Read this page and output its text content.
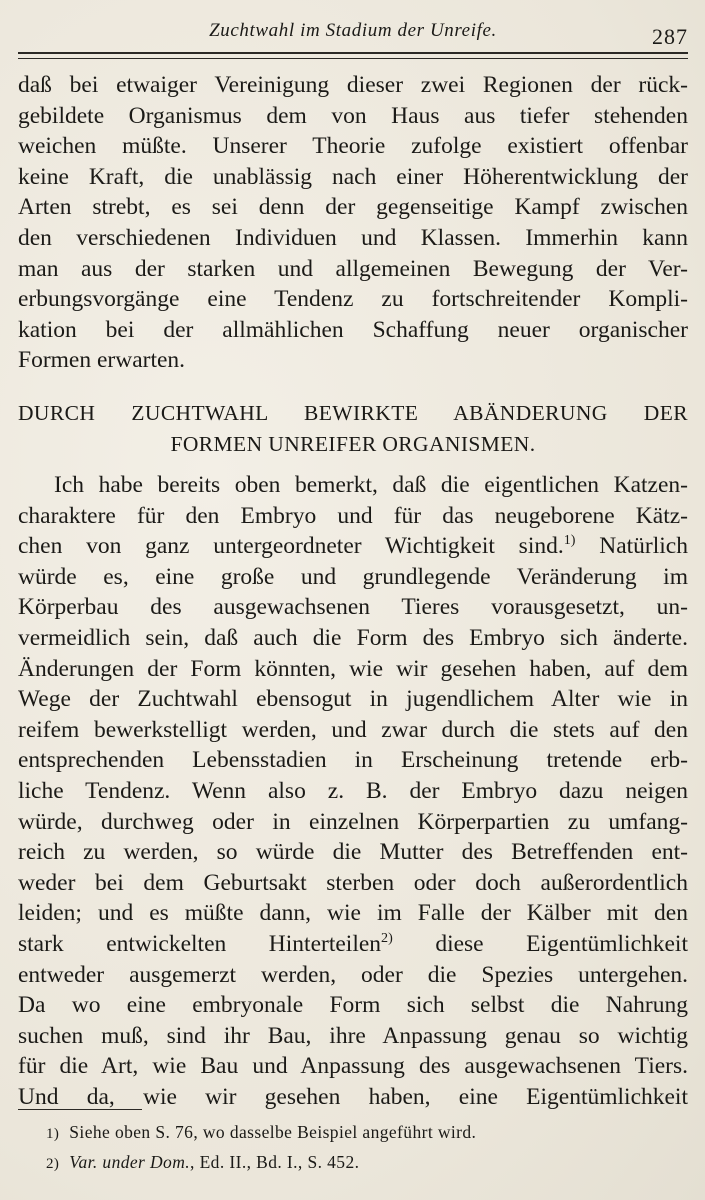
Zuchtwahl im Stadium der Unreife.	287
daß bei etwaiger Vereinigung dieser zwei Regionen der rück-
gebildete Organismus dem von Haus aus tiefer stehenden
weichen müßte. Unserer Theorie zufolge existiert offenbar
keine Kraft, die unablässig nach einer Höherentwicklung der
Arten strebt, es sei denn der gegenseitige Kampf zwischen
den verschiedenen Individuen und Klassen. Immerhin kann
man aus der starken und allgemeinen Bewegung der Ver-
erbungsvorgänge eine Tendenz zu fortschreitender Kompli-
kation bei der allmählichen Schaffung neuer organischer
Formen erwarten.
DURCH ZUCHTWAHL BEWIRKTE ABÄNDERUNG DER
FORMEN UNREIFER ORGANISMEN.
Ich habe bereits oben bemerkt, daß die eigentlichen Katzen-
charaktere für den Embryo und für das neugeborene Kätz-
chen von ganz untergeordneter Wichtigkeit sind.$^{1)}$ Natürlich
würde es, eine große und grundlegende Veränderung im
Körperbau des ausgewachsenen Tieres vorausgesetzt, un-
vermeidlich sein, daß auch die Form des Embryo sich änderte.
Änderungen der Form könnten, wie wir gesehen haben, auf dem
Wege der Zuchtwahl ebensogut in jugendlichem Alter wie in
reifem bewerkstelligt werden, und zwar durch die stets auf den
entsprechenden Lebensstadien in Erscheinung tretende erb-
liche Tendenz. Wenn also z. B. der Embryo dazu neigen
würde, durchweg oder in einzelnen Körperpartien zu umfang-
reich zu werden, so würde die Mutter des Betreffenden ent-
weder bei dem Geburtsakt sterben oder doch außerordentlich
leiden; und es müßte dann, wie im Falle der Kälber mit den
stark entwickelten Hinterteilen$^{2)}$ diese Eigentümlichkeit
entweder ausgemerzt werden, oder die Spezies untergehen.
Da wo eine embryonale Form sich selbst die Nahrung
suchen muß, sind ihr Bau, ihre Anpassung genau so wichtig
für die Art, wie Bau und Anpassung des ausgewachsenen Tiers.
Und da, wie wir gesehen haben, eine Eigentümlichkeit
1) Siehe oben S. 76, wo dasselbe Beispiel angeführt wird.
2) Var. under Dom., Ed. II., Bd. I., S. 452.
